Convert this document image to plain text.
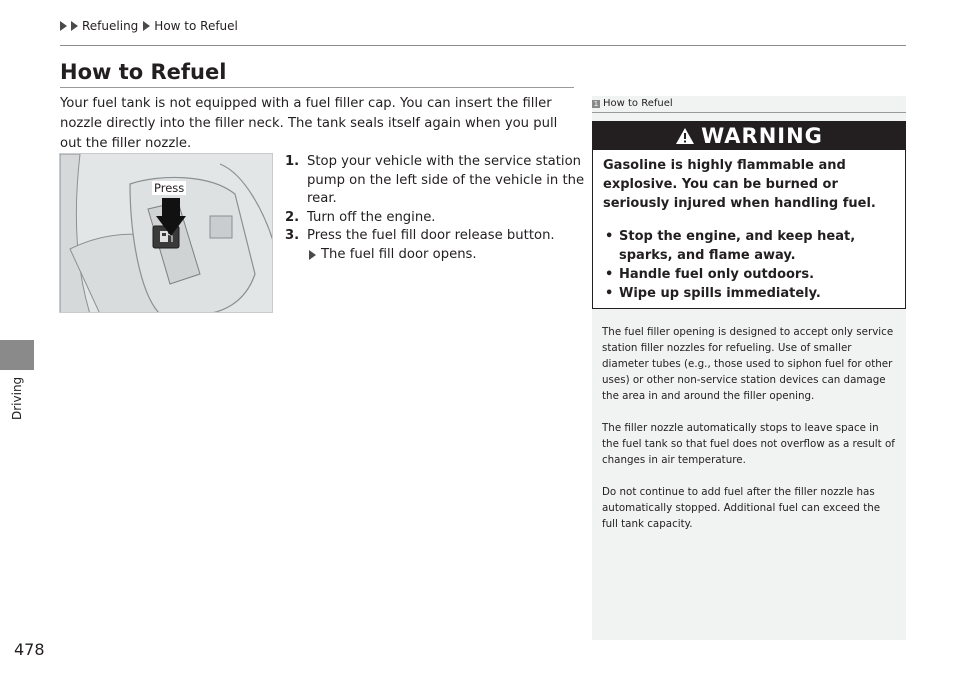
Refueling How to Refuel
Driving
478
How to Refuel

Your fuel tank is not equipped with a fuel filler cap. You can insert the filler nozzle directly into the filler neck. The tank seals itself again when you pull out the filler nozzle.

Press
1. Stop your vehicle with the service station pump on the left side of the vehicle in the rear.
2. Turn off the engine.
3. Press the fuel fill door release button.
The fuel fill door opens.
1 How to Refuel
WARNING
Gasoline is highly flammable and explosive. You can be burned or seriously injured when handling fuel.
• Stop the engine, and keep heat, sparks, and flame away.
• Handle fuel only outdoors.
• Wipe up spills immediately.

The fuel filler opening is designed to accept only service station filler nozzles for refueling. Use of smaller diameter tubes (e.g., those used to siphon fuel for other uses) or other non-service station devices can damage the area in and around the filler opening.

The filler nozzle automatically stops to leave space in the fuel tank so that fuel does not overflow as a result of changes in air temperature.

Do not continue to add fuel after the filler nozzle has automatically stopped. Additional fuel can exceed the full tank capacity.
